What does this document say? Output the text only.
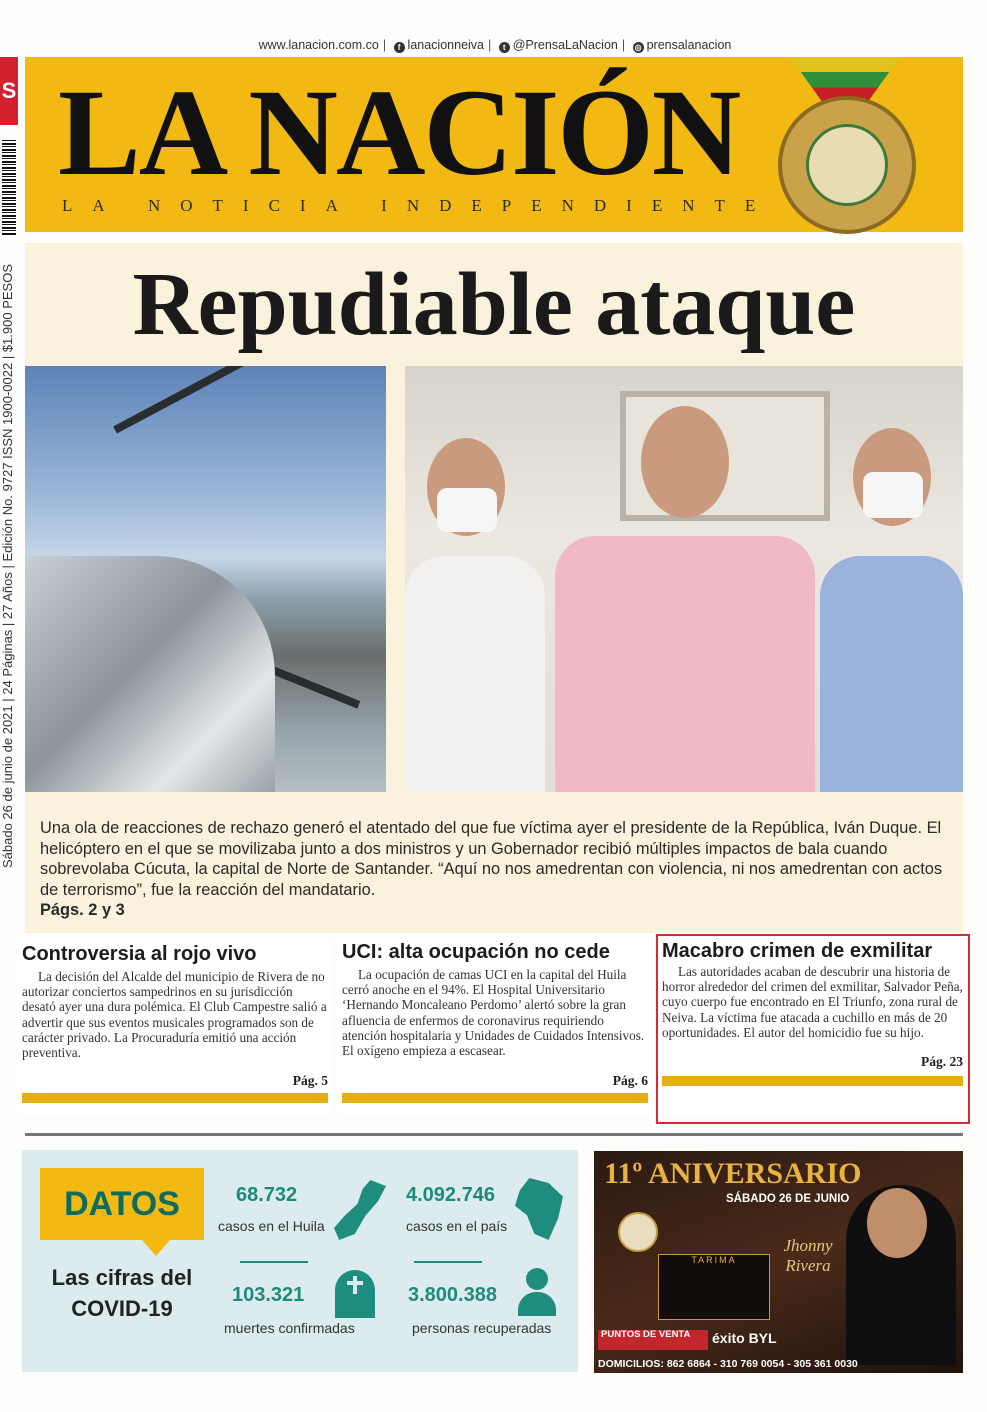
www.lanacion.com.co | f lanacionneiva | t @PrensaLaNacion | ◎ prensalanacion
S
Sábado 26 de junio de 2021 | 24 Páginas | 27 Años | Edición No. 9727 ISSN 1900-0022 | $1.900 PESOS
LA NACIÓN
LA NOTICIA INDEPENDIENTE
Repudiable ataque
Una ola de reacciones de rechazo generó el atentado del que fue víctima ayer el presidente de la República, Iván Duque. El helicóptero en el que se movilizaba junto a dos ministros y un Gobernador recibió múltiples impactos de bala cuando sobrevolaba Cúcuta, la capital de Norte de Santander. “Aquí no nos amedrentan con violencia, ni nos amedrentan con actos de terrorismo”, fue la reacción del mandatario.
Págs. 2 y 3
Controversia al rojo vivo
La decisión del Alcalde del municipio de Rivera de no autorizar conciertos sampedrinos en su jurisdicción desató ayer una dura polémica. El Club Campestre salió a advertir que sus eventos musicales programados son de carácter privado. La Procuraduría emitió una acción preventiva.
Pág. 5
UCI: alta ocupación no cede
La ocupación de camas UCI en la capital del Huila cerró anoche en el 94%. El Hospital Universitario ‘Hernando Moncaleano Perdomo’ alertó sobre la gran afluencia de enfermos de coronavirus requiriendo atención hospitalaria y Unidades de Cuidados Intensivos. El oxígeno empieza a escasear.
Pág. 6
Macabro crimen de exmilitar
Las autoridades acaban de descubrir una historia de horror alrededor del crimen del exmilitar, Salvador Peña, cuyo cuerpo fue encontrado en El Triunfo, zona rural de Neiva. La víctima fue atacada a cuchillo en más de 20 oportunidades. El autor del homicidio fue su hijo.
Pág. 23
DATOS
Las cifras del COVID-19
68.732
casos en el Huila
4.092.746
casos en el país
103.321
muertes confirmadas
3.800.388
personas recuperadas
11º ANIVERSARIO
SÁBADO 26 DE JUNIO
TARIMA
Jhonny Rivera
PUNTOS DE VENTA	éxito BYL
DOMICILIOS: 862 6864 - 310 769 0054 - 305 361 0030
